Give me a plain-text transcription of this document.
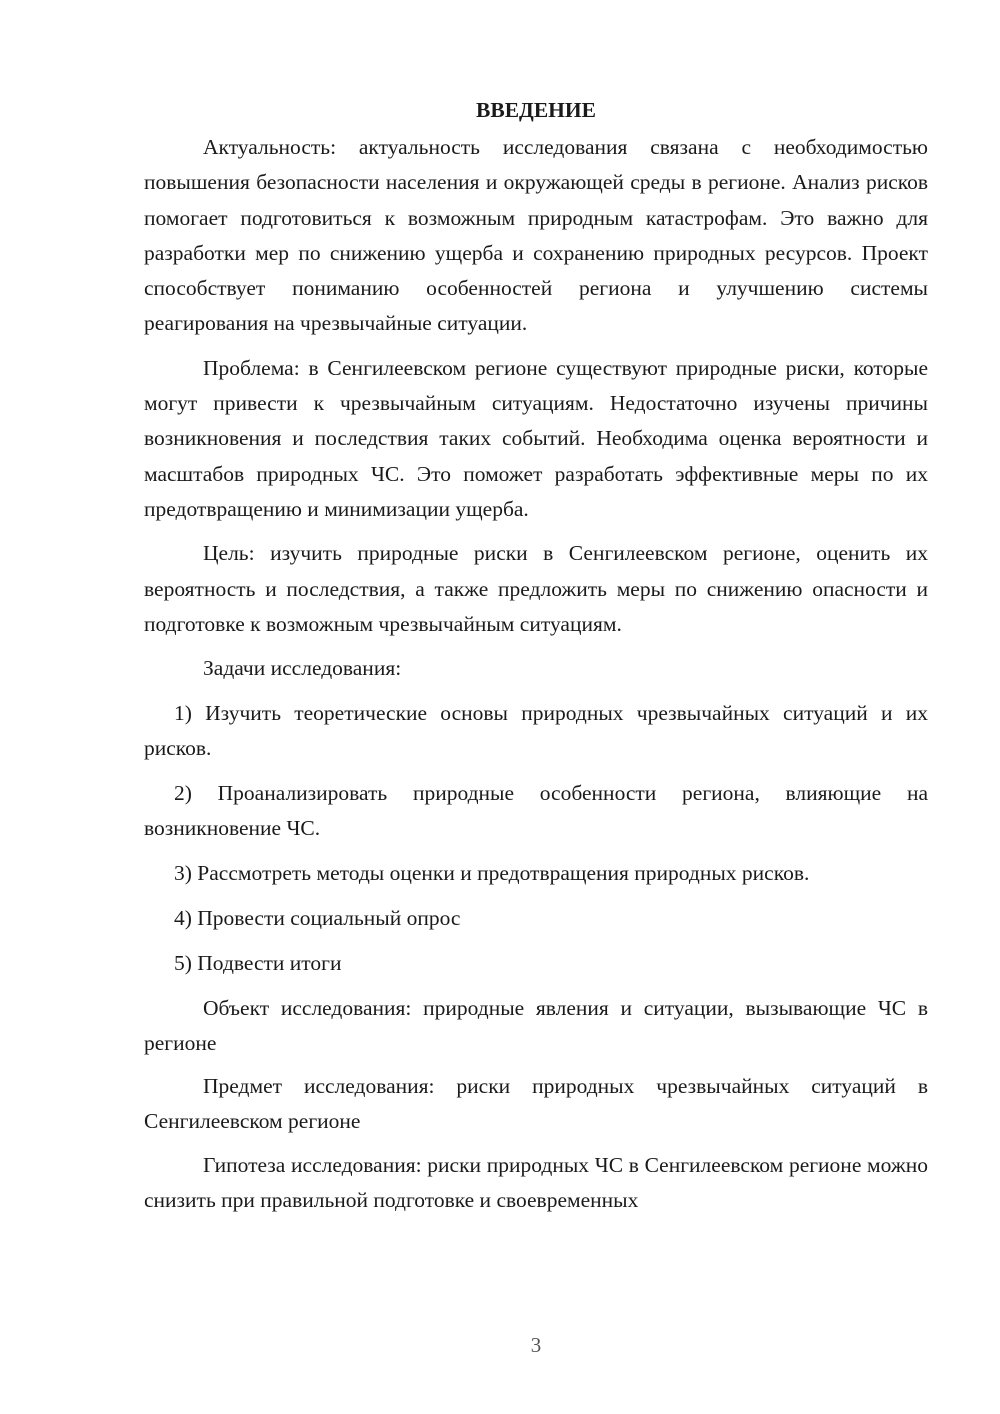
ВВЕДЕНИЕ

Актуальность: актуальность исследования связана с необходимостью повышения безопасности населения и окружающей среды в регионе. Анализ рисков помогает подготовиться к возможным природным катастрофам. Это важно для разработки мер по снижению ущерба и сохранению природных ресурсов. Проект способствует пониманию особенностей региона и улучшению системы реагирования на чрезвычайные ситуации.

Проблема: в Сенгилеевском регионе существуют природные риски, которые могут привести к чрезвычайным ситуациям. Недостаточно изучены причины возникновения и последствия таких событий. Необходима оценка вероятности и масштабов природных ЧС. Это поможет разработать эффективные меры по их предотвращению и минимизации ущерба.

Цель: изучить природные риски в Сенгилеевском регионе, оценить их вероятность и последствия, а также предложить меры по снижению опасности и подготовке к возможным чрезвычайным ситуациям.

Задачи исследования:

1) Изучить теоретические основы природных чрезвычайных ситуаций и их рисков.

2) Проанализировать природные особенности региона, влияющие на возникновение ЧС.

3) Рассмотреть методы оценки и предотвращения природных рисков.

4) Провести социальный опрос

5) Подвести итоги

Объект исследования: природные явления и ситуации, вызывающие ЧС в регионе

Предмет исследования: риски природных чрезвычайных ситуаций в Сенгилеевском регионе

Гипотеза исследования: риски природных ЧС в Сенгилеевском регионе можно снизить при правильной подготовке и своевременных

3
